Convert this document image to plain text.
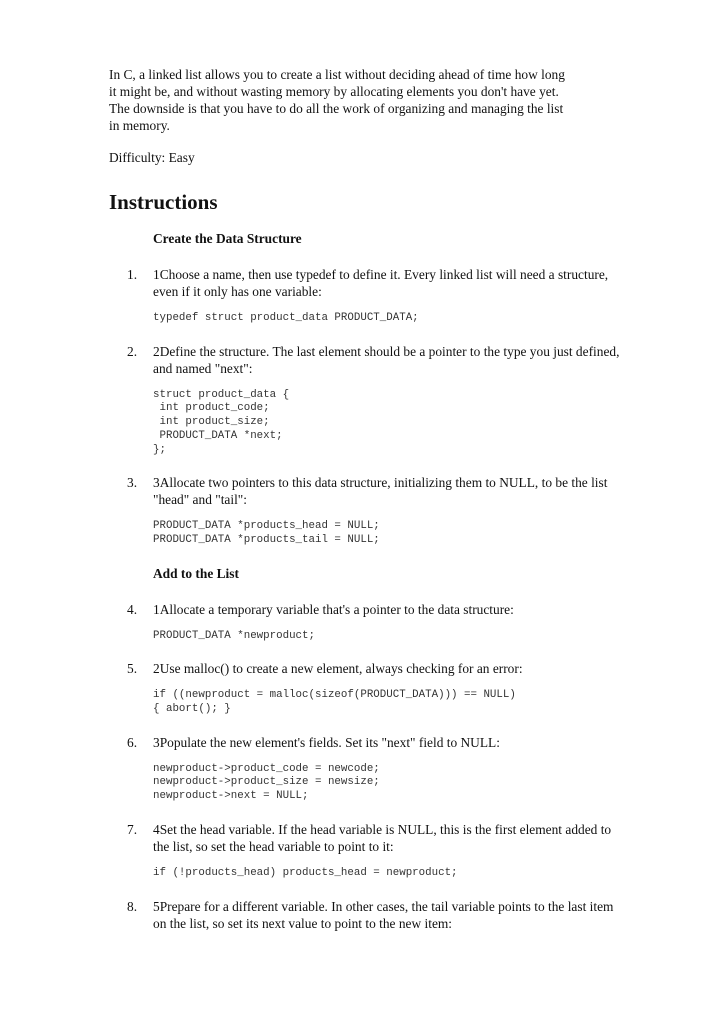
In C, a linked list allows you to create a list without deciding ahead of time how long

it might be, and without wasting memory by allocating elements you don't have yet.

The downside is that you have to do all the work of organizing and managing the list

in memory.

Difficulty: Easy

Instructions
Create the Data Structure
1.	1Choose a name, then use typedef to define it. Every linked list will need a structure, even if it only has one variable:
typedef struct product_data PRODUCT_DATA;
2.	2Define the structure. The last element should be a pointer to the type you just defined, and named "next":
struct product_data {
int product_code;
int product_size;
PRODUCT_DATA *next;
};
3.	3Allocate two pointers to this data structure, initializing them to NULL, to be the list "head" and "tail":
PRODUCT_DATA *products_head = NULL;
PRODUCT_DATA *products_tail = NULL;
Add to the List
4.	1Allocate a temporary variable that's a pointer to the data structure:
PRODUCT_DATA *newproduct;
5.	2Use malloc() to create a new element, always checking for an error:
if ((newproduct = malloc(sizeof(PRODUCT_DATA))) == NULL)
{ abort(); }
6.	3Populate the new element's fields. Set its "next" field to NULL:
newproduct->product_code = newcode;
newproduct->product_size = newsize;
newproduct->next = NULL;
7.	4Set the head variable. If the head variable is NULL, this is the first element added to the list, so set the head variable to point to it:
if (!products_head) products_head = newproduct;
8.	5Prepare for a different variable. In other cases, the tail variable points to the last item on the list, so set its next value to point to the new item:
